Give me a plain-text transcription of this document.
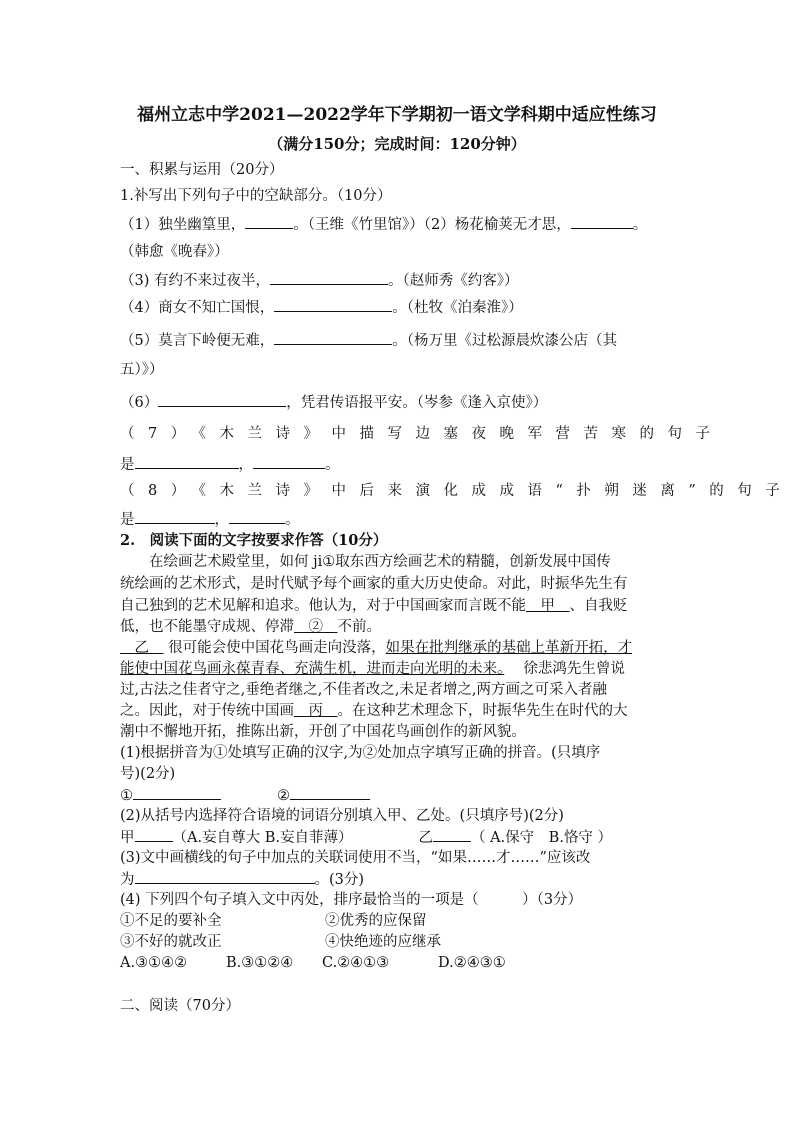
福州立志中学2021—2022学年下学期初一语文学科期中适应性练习
（满分150分；完成时间：120分钟）
一、积累与运用（20分）
1.补写出下列句子中的空缺部分。（10分）
（1）独坐幽篁里，	。（王维《竹里馆》）（2）杨花榆荚无才思，	。
（韩愈《晚春》）
（3) 有约不来过夜半，	。（赵师秀《约客》）
（4）商女不知亡国恨，	。（杜牧《泊秦淮》）
（5）莫言下岭便无难，	。（杨万里《过松源晨炊漆公店（其
五）》）
（6）	，凭君传语报平安。（岑参《逢入京使》）
（7）《木兰诗》中描写边塞夜晚军营苦寒的句子
是	，	。
（8）《木兰诗》中后来演化成成语“扑朔迷离”的句子
是	，	。
2.　阅读下面的文字按要求作答（10分）
在绘画艺术殿堂里，如何 ji①取东西方绘画艺术的精髓，创新发展中国传
统绘画的艺术形式，是时代赋予每个画家的重大历史使命。对此，时振华先生有
自己独到的艺术见解和追求。他认为，对于中国画家而言既不能　甲　、自我贬
低，也不能墨守成规、停滞　②　不前。
　乙　 很可能会使中国花鸟画走向没落，如果在批判继承的基础上革新开拓，才
能使中国花鸟画永葆青春、充满生机，进而走向光明的未来。　 徐悲鸿先生曾说
过,古法之佳者守之,垂绝者继之,不佳者改之,未足者增之,两方画之可采入者融
之。因此，对于传统中国画　丙　。在这种艺术理念下，时振华先生在时代的大
潮中不懈地开拓，推陈出新，开创了中国花鸟画创作的新风貌。
(1)根据拼音为①处填写正确的汉字,为②处加点字填写正确的拼音。(只填序
号)(2分)
①	②
(2)从括号内选择符合语境的词语分别填入甲、乙处。(只填序号)(2分)
甲	（A.妄自尊大 B.妄自菲薄）	乙	（ A.保守　B.恪守 ）
(3)文中画横线的句子中加点的关联词使用不当，“如果……才……”应该改
为	。(3分)
(4) 下列四个句子填入文中丙处，排序最恰当的一项是（　　　）（3分）
①不足的要补全	②优秀的应保留
③不好的就改正	④快绝迹的应继承
A.③①④②	B.③①②④ C.②④①③	D.②④③①
二、阅读（70分）
